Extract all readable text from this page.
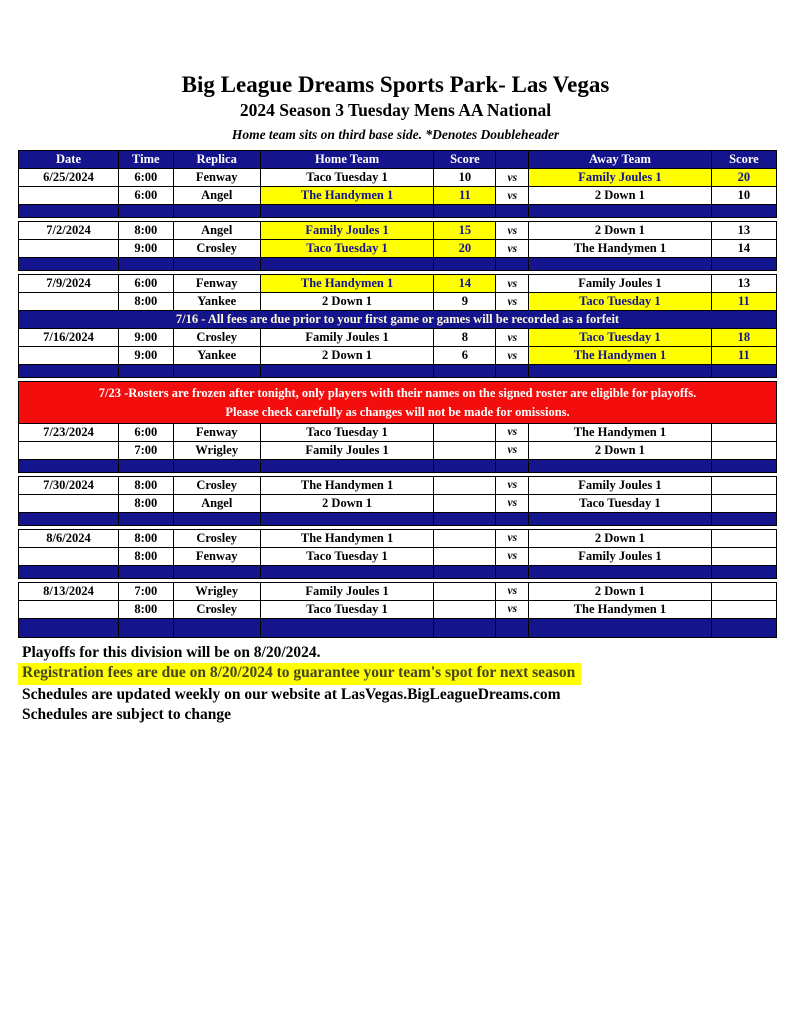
Big League Dreams Sports Park- Las Vegas
2024 Season 3 Tuesday Mens AA National
Home team sits on third base side. *Denotes Doubleheader
Date	Time	Replica	Home Team	Score		Away Team	Score
6/25/2024	6:00	Fenway	Taco Tuesday 1	10	vs	Family Joules 1	20
	6:00	Angel	The Handymen 1	11	vs	2 Down 1	10

7/2/2024	8:00	Angel	Family Joules 1	15	vs	2 Down 1	13
	9:00	Crosley	Taco Tuesday 1	20	vs	The Handymen 1	14

7/9/2024	6:00	Fenway	The Handymen 1	14	vs	Family Joules 1	13
	8:00	Yankee	2 Down 1	9	vs	Taco Tuesday 1	11
7/16 - All fees are due prior to your first game or games will be recorded as a forfeit							
7/16/2024	9:00	Crosley	Family Joules 1	8	vs	Taco Tuesday 1	18
	9:00	Yankee	2 Down 1	6	vs	The Handymen 1	11

7/23 -Rosters are frozen after tonight, only players with their names on the signed roster are eligible for playoffs.
Please check carefully as changes will not be made for omissions.							

7/23/2024	6:00	Fenway	Taco Tuesday 1		vs	The Handymen 1	
	7:00	Wrigley	Family Joules 1		vs	2 Down 1	

7/30/2024	8:00	Crosley	The Handymen 1		vs	Family Joules 1	
	8:00	Angel	2 Down 1		vs	Taco Tuesday 1	

8/6/2024	8:00	Crosley	The Handymen 1		vs	2 Down 1	
	8:00	Fenway	Taco Tuesday 1		vs	Family Joules 1	

8/13/2024	7:00	Wrigley	Family Joules 1		vs	2 Down 1	
	8:00	Crosley	Taco Tuesday 1		vs	The Handymen 1	

Playoffs for this division will be on 8/20/2024.
Registration fees are due on 8/20/2024 to guarantee your team's spot for next season
Schedules are updated weekly on our website at LasVegas.BigLeagueDreams.com
Schedules are subject to change
